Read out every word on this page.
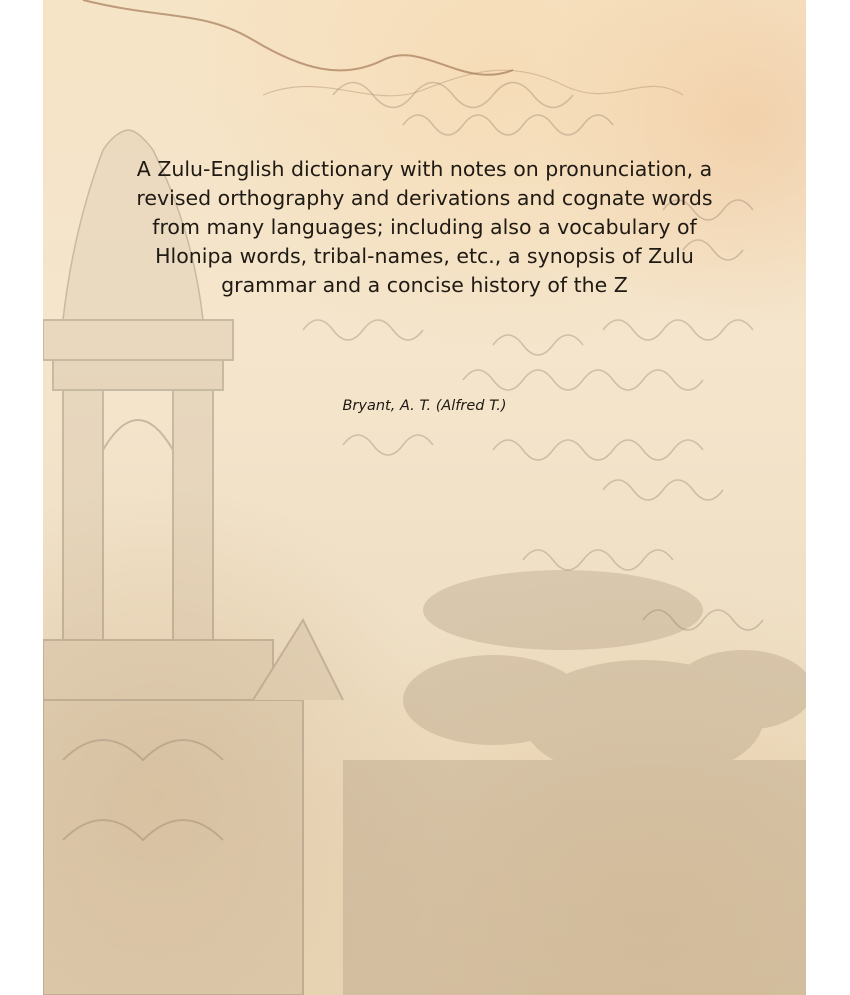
A Zulu-English dictionary with notes on pronunciation, a
revised orthography and derivations and cognate words
from many languages; including also a vocabulary of
Hlonipa words, tribal-names, etc., a synopsis of Zulu
grammar and a concise history of the Z
Bryant, A. T. (Alfred T.)
